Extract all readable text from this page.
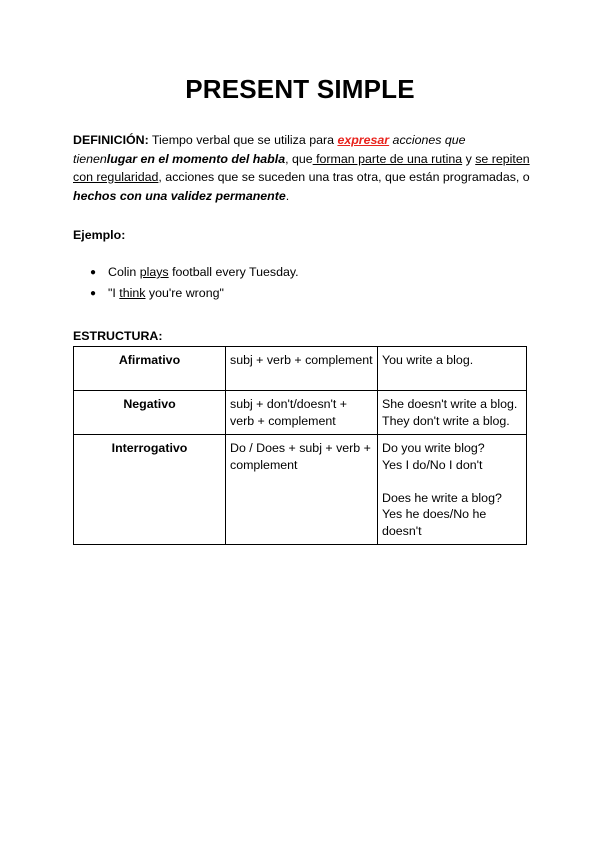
PRESENT SIMPLE
DEFINICIÓN: Tiempo verbal que se utiliza para expresar acciones que tienenlugar en el momento del habla, que forman parte de una rutina y se repiten con regularidad, acciones que se suceden una tras otra, que están programadas, o hechos con una validez permanente.
Ejemplo:
● Colin plays football every Tuesday.
● "I think you're wrong"
ESTRUCTURA:
Afirmativo	subj + verb + complement	You write a blog.
Negativo	subj + don't/doesn't + verb + complement	She doesn't write a blog.
They don't write a blog.
Interrogativo	Do / Does + subj + verb + complement	Do you write blog?
Yes I do/No I don't
Does he write a blog?
Yes he does/No he doesn't
